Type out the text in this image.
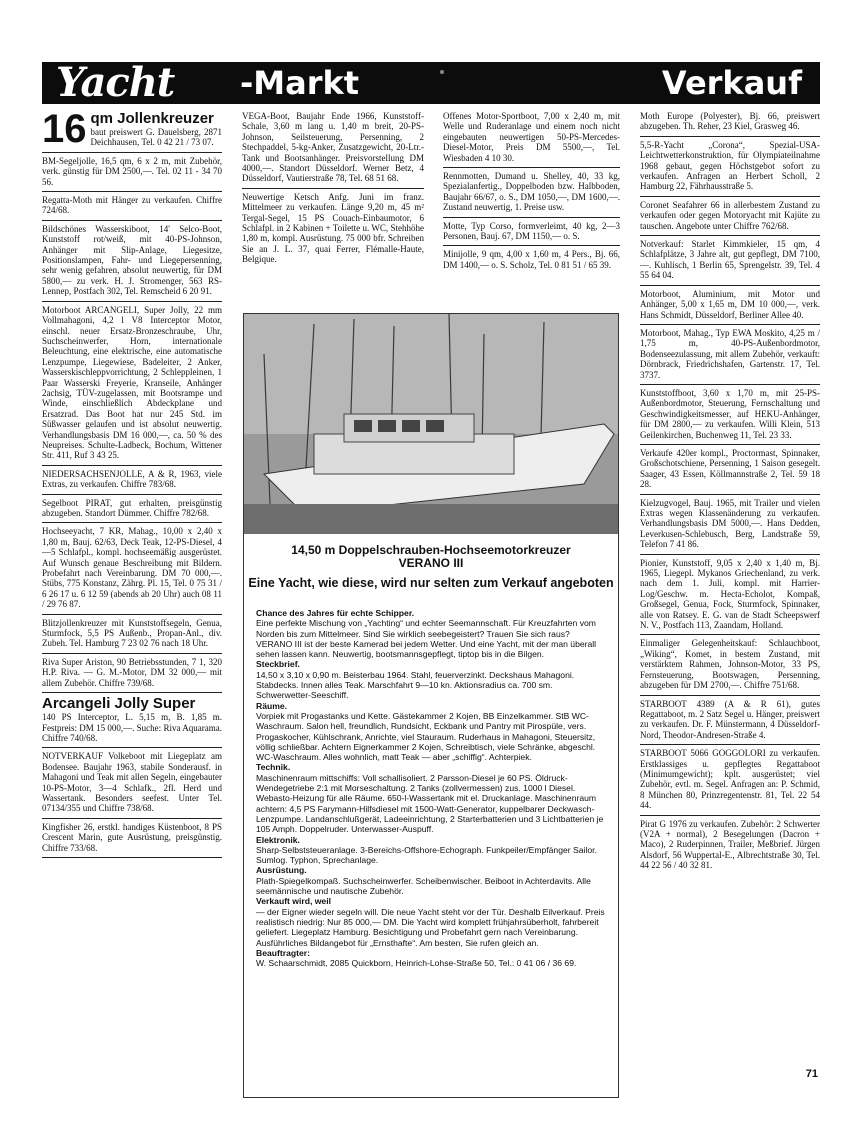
Yacht -Markt	Verkauf
16 qm Jollenkreuzer
baut preiswert G. Dauelsberg, 2871 Deichhausen, Tel. 0 42 21 / 73 07.
BM-Segeljolle, 16,5 qm, 6 x 2 m, mit Zubehör, verk. günstig für DM 2500,—. Tel. 02 11 - 34 70 56.
Regatta-Moth mit Hänger zu verkaufen. Chiffre 724/68.
Bildschönes Wasserskiboot, 14' Selco-Boot, Kunststoff rot/weiß, mit 40-PS-Johnson, Anhänger mit Slip-Anlage, Liegesitze, Positionslampen, Fahr- und Liegepersenning, sehr wenig gefahren, absolut neuwertig, für DM 5800,— zu verk. H. J. Stromenger, 563 RS-Lennep, Postfach 302, Tel. Remscheid 6 20 91.
Motorboot ARCANGELI, Super Jolly, 22 mm Vollmahagoni, 4,2 l V8 Interceptor Motor, einschl. neuer Ersatz-Bronzeschraube, Uhr, Suchscheinwerfer, Horn, internationale Beleuchtung, eine elektrische, eine automatische Lenzpumpe, Liegewiese, Badeleiter, 2 Anker, Wasserskischleppvorrichtung, 2 Schleppleinen, 1 Paar Wasserski Freyerie, Kranseile, Anhänger 2achsig, TÜV-zugelassen, mit Bootsrampe und Winde, einschließlich Abdeckplane und Ersatzrad. Das Boot hat nur 245 Std. im Süßwasser gelaufen und ist absolut neuwertig. Verhandlungsbasis DM 16 000,—, ca. 50 % des Neupreises. Schulte-Ladbeck, Bochum, Wittener Str. 411, Ruf 3 43 25.
NIEDERSACHSENJOLLE, A & R, 1963, viele Extras, zu verkaufen. Chiffre 783/68.
Segelboot PIRAT, gut erhalten, preisgünstig abzugeben. Standort Dümmer. Chiffre 782/68.
Hochseeyacht, 7 KR, Mahag., 10,00 x 2,40 x 1,80 m, Bauj. 62/63, Deck Teak, 12-PS-Diesel, 4—5 Schlafpl., kompl. hochseemäßig ausgerüstet. Auf Wunsch genaue Beschreibung mit Bildern. Probefahrt nach Vereinbarung. DM 70 000,—. Stübs, 775 Konstanz, Zährg. Pl. 15, Tel. 0 75 31 / 6 26 17 u. 6 12 59 (abends ab 20 Uhr) auch 08 11 / 29 76 87.
Blitzjollenkreuzer mit Kunststoffsegeln, Genua, Sturmfock, 5,5 PS Außenb., Propan-Anl., div. Zubeh. Tel. Hamburg 7 23 02 76 nach 18 Uhr.
Riva Super Ariston, 90 Betriebsstunden, 7 1, 320 H.P. Riva. — G. M.-Motor, DM 32 000,— mit allem Zubehör. Chiffre 739/68.
Arcangeli Jolly Super
140 PS Interceptor, L. 5,15 m, B. 1,85 m. Festpreis: DM 15 000,—. Suche: Riva Aquarama. Chiffre 740/68.
NOTVERKAUF Volkeboot mit Liegeplatz am Bodensee. Baujahr 1963, stabile Sonderausf. in Mahagoni und Teak mit allen Segeln, eingebauter 10-PS-Motor, 3—4 Schlafk., 2fl. Herd und Wassertank. Besonders seefest. Unter Tel. 07134/355 und Chiffre 738/68.
Kingfisher 26, erstkl. handiges Küstenboot, 8 PS Crescent Marin, gute Ausrüstung, preisgünstig. Chiffre 733/68.
VEGA-Boot, Baujahr Ende 1966, Kunststoff-Schale, 3,60 m lang u. 1,40 m breit, 20-PS-Johnson, Seilsteuerung, Persenning, 2 Stechpaddel, 5-kg-Anker, Zusatzgewicht, 20-Ltr.-Tank und Bootsanhänger. Preisvorstellung DM 4000,—. Standort Düsseldorf. Werner Betz, 4 Düsseldorf, Vautierstraße 78, Tel. 68 51 68.
Neuwertige Ketsch Anfg. Juni im franz. Mittelmeer zu verkaufen. Länge 9,20 m, 45 m² Tergal-Segel, 15 PS Couach-Einbaumotor, 6 Schlafpl. in 2 Kabinen + Toilette u. WC, Stehhöhe 1,80 m, kompl. Ausrüstung. 75 000 bfr. Schreiben Sie an J. L. 37, quai Ferrer, Flémalle-Haute, Belgique.
Offenes Motor-Sportboot, 7,00 x 2,40 m, mit Welle und Ruderanlage und einem noch nicht eingebauten neuwertigen 50-PS-Mercedes-Diesel-Motor, Preis DM 5500,—, Tel. Wiesbaden 4 10 30.
Rennmotten, Dumand u. Shelley, 40, 33 kg, Spezialanfertig., Doppelboden bzw. Halbboden, Baujahr 66/67, o. S., DM 1050,—, DM 1600,—. Zustand neuwertig, 1. Preise usw.
Motte, Typ Corso, formverleimt, 40 kg, 2—3 Personen, Bauj. 67, DM 1150,— o. S.
Minijolle, 9 qm, 4,00 x 1,60 m, 4 Pers., Bj. 66, DM 1400,— o. S. Scholz, Tel. 0 81 51 / 65 39.
14,50 m Doppelschrauben-Hochseemotorkreuzer
VERANO III
Eine Yacht, wie diese, wird nur selten zum Verkauf angeboten

Chance des Jahres für echte Schipper.

Eine perfekte Mischung von „Yachting“ und echter Seemannschaft. Für Kreuzfahrten vom Norden bis zum Mittelmeer. Sind Sie wirklich seebegeistert? Trauen Sie sich raus? VERANO III ist der beste Kamerad bei jedem Wetter. Und eine Yacht, mit der man überall sehen lassen kann. Neuwertig, bootsmannsgepflegt, tiptop bis in die Bilgen.

Steckbrief.

14,50 x 3,10 x 0,90 m. Beisterbau 1964. Stahl, feuerverzinkt. Deckshaus Mahagoni. Stabdecks. Innen alles Teak. Marschfahrt 9—10 kn. Aktionsradius ca. 700 sm. Schwerwetter-Seeschiff.

Räume.

Vorpiek mit Progastanks und Kette. Gästekammer 2 Kojen, BB Einzelkammer. StB WC-Waschraum. Salon hell, freundlich, Rundsicht, Eckbank und Pantry mit Pirospüle, vers. Progaskocher, Kühlschrank, Anrichte, viel Stauraum. Ruderhaus in Mahagoni, Steuersitz, völlig schließbar. Achtern Eignerkammer 2 Kojen, Schreibtisch, viele Schränke, abgeschl. WC-Waschraum. Alles wohnlich, matt Teak — aber „schiffig“. Achterpiek.

Technik.

Maschinenraum mittschiffs: Voll schallisoliert. 2 Parsson-Diesel je 60 PS. Öldruck-Wendegetriebe 2:1 mit Morseschaltung. 2 Tanks (zollvermessen) zus. 1000 l Diesel. Webasto-Heizung für alle Räume. 650-l-Wassertank mit el. Druckanlage. Maschinenraum achtern: 4,5 PS Farymann-Hilfsdiesel mit 1500-Watt-Generator, kuppelbarer Deckwasch-Lenzpumpe. Landanschlußgerät, Ladeeinrichtung, 2 Starterbatterien und 3 Lichtbatterien je 105 Amph. Doppelruder. Unterwasser-Auspuff.

Elektronik.

Sharp-Selbststeueranlage. 3-Bereichs-Offshore-Echograph. Funkpeiler/Empfänger Sailor. Sumlog. Typhon, Sprechanlage.

Ausrüstung.

Plath-Spiegelkompaß. Suchscheinwerfer. Scheibenwischer. Beiboot in Achterdavits. Alle seemännische und nautische Zubehör.

Verkauft wird, weil

— der Eigner wieder segeln will. Die neue Yacht steht vor der Tür. Deshalb Eilverkauf. Preis realistisch niedrig: Nur 85 000,— DM. Die Yacht wird komplett frühjahrsüberholt, fahrbereit geliefert. Liegeplatz Hamburg. Besichtigung und Probefahrt gern nach Vereinbarung. Ausführliches Bildangebot für „Ernsthafte“. Am besten, Sie rufen gleich an.

Beauftragter:

W. Schaarschmidt, 2085 Quickborn, Heinrich-Lohse-Straße 50, Tel.: 0 41 06 / 36 69.

Moth Europe (Polyester), Bj. 66, preiswert abzugeben. Th. Reher, 23 Kiel, Grasweg 46.
5,5-R-Yacht „Corona“, Spezial-USA-Leichtwetterkonstruktion, für Olympiateilnahme 1968 gebaut, gegen Höchstgebot sofort zu verkaufen. Anfragen an Herbert Scholl, 2 Hamburg 22, Fährhausstraße 5.
Coronet Seafahrer 66 in allerbestem Zustand zu verkaufen oder gegen Motoryacht mit Kajüte zu tauschen. Angebote unter Chiffre 762/68.
Notverkauf: Starlet Kimmkieler, 15 qm, 4 Schlafplätze, 3 Jahre alt, gut gepflegt, DM 7100,—. Kuhlisch, 1 Berlin 65, Sprengelstr. 39, Tel. 4 55 64 04.
Motorboot, Aluminium, mit Motor und Anhänger, 5,00 x 1,65 m, DM 10 000,—, verk. Hans Schmidt, Düsseldorf, Berliner Allee 40.
Motorboot, Mahag., Typ EWA Moskito, 4,25 m / 1,75 m, 40-PS-Außenbordmotor, Bodenseezulassung, mit allem Zubehör, verkauft: Dörnbrack, Friedrichshafen, Gartenstr. 17, Tel. 3737.
Kunststoffboot, 3,60 x 1,70 m, mit 25-PS-Außenbordmotor, Steuerung, Fernschaltung und Geschwindigkeitsmesser, auf HEKU-Anhänger, für DM 2800,— zu verkaufen. Willi Klein, 513 Geilenkirchen, Buchenweg 11, Tel. 23 33.
Verkaufe 420er kompl., Proctormast, Spinnaker, Großschotschiene, Persenning, 1 Saison gesegelt. Saager, 43 Essen, Köllmannstraße 2, Tel. 59 18 28.
Kielzugvogel, Bauj. 1965, mit Trailer und vielen Extras wegen Klassenänderung zu verkaufen. Verhandlungsbasis DM 5000,—. Hans Dedden, Leverkusen-Schlebusch, Berg, Landstraße 59, Telefon 7 41 86.
Pionier, Kunststoff, 9,05 x 2,40 x 1,40 m, Bj. 1965, Liegepl. Mykanos Griechenland, zu verk. nach dem 1. Juli, kompl. mit Harrier-Log/Geschw. m. Hecta-Echolot, Kompaß, Großsegel, Genua, Fock, Sturmfock, Spinnaker, alle von Ratsey. E. G. van de Stadt Scheepswerf N. V., Postfach 113, Zaandam, Holland.
Einmaliger Gelegenheitskauf: Schlauchboot, „Wiking“, Komet, in bestem Zustand, mit verstärktem Rahmen, Johnson-Motor, 33 PS, Fernsteuerung, Bootswagen, Persenning, abzugeben für DM 2700,—. Chiffre 751/68.
STARBOOT 4389 (A & R 61), gutes Regattaboot, m. 2 Satz Segel u. Hänger, preiswert zu verkaufen. Dr. F. Münstermann, 4 Düsseldorf-Nord, Theodor-Andresen-Straße 4.
STARBOOT 5066 GOGGOLORI zu verkaufen. Erstklassiges u. gepflegtes Regattaboot (Minimumgewicht); kplt. ausgerüstet; viel Zubehör, evtl. m. Segel. Anfragen an: P. Schmid, 8 München 80, Prinzregentenstr. 81, Tel. 22 54 44.
Pirat G 1976 zu verkaufen. Zubehör: 2 Schwerter (V2A + normal), 2 Besegelungen (Dacron + Maco), 2 Ruderpinnen, Trailer, Meßbrief. Jürgen Alsdorf, 56 Wuppertal-E., Albrechtstraße 30, Tel. 44 22 56 / 40 32 81.
71
